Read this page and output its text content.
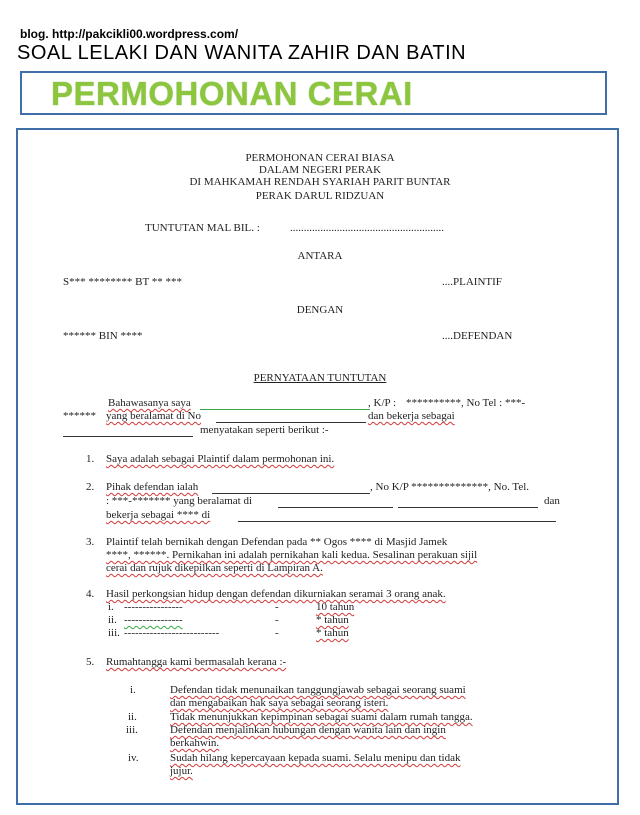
blog. http://pakcikli00.wordpress.com/
SOAL LELAKI DAN WANITA ZAHIR DAN BATIN
PERMOHONAN CERAI
PERMOHONAN CERAI BIASA
DALAM NEGERI PERAK
DI MAHKAMAH RENDAH SYARIAH PARIT BUNTAR
PERAK DARUL RIDZUAN
TUNTUTAN MAL BIL. :	........................................................
ANTARA
S*** ******** BT ** ***	....PLAINTIF
DENGAN
****** BIN ****	....DEFENDAN
PERNYATAAN TUNTUTAN
Bahawasanya saya	, K/P : **********, No Tel : ***-
****** yang beralamat di No	dan bekerja sebagai
menyatakan seperti berikut :-
1. Saya adalah sebagai Plaintif dalam permohonan ini.
2. Pihak defendan ialah	, No K/P **************, No. Tel.
: ***-******* yang beralamat di	dan
bekerja sebagai **** di
3. Plaintif telah bernikah dengan Defendan pada ** Ogos **** di Masjid Jamek
****, ******. Pernikahan ini adalah pernikahan kali kedua. Sesalinan perakuan sijil
cerai dan rujuk dikepilkan seperti di Lampiran A.
4. Hasil perkongsian hidup dengan defendan dikurniakan seramai 3 orang anak.
i. ----------------	-	10 tahun
ii. ----------------	-	* tahun
iii. --------------------------	-	* tahun
5. Rumahtangga kami bermasalah kerana :-
i.	Defendan tidak menunaikan tanggungjawab sebagai seorang suami
dan mengabaikan hak saya sebagai seorang isteri.
ii.	Tidak menunjukkan kepimpinan sebagai suami dalam rumah tangga.
iii.	Defendan menjalinkan hubungan dengan wanita lain dan ingin
berkahwin.
iv.	Sudah hilang kepercayaan kepada suami. Selalu menipu dan tidak
jujur.
